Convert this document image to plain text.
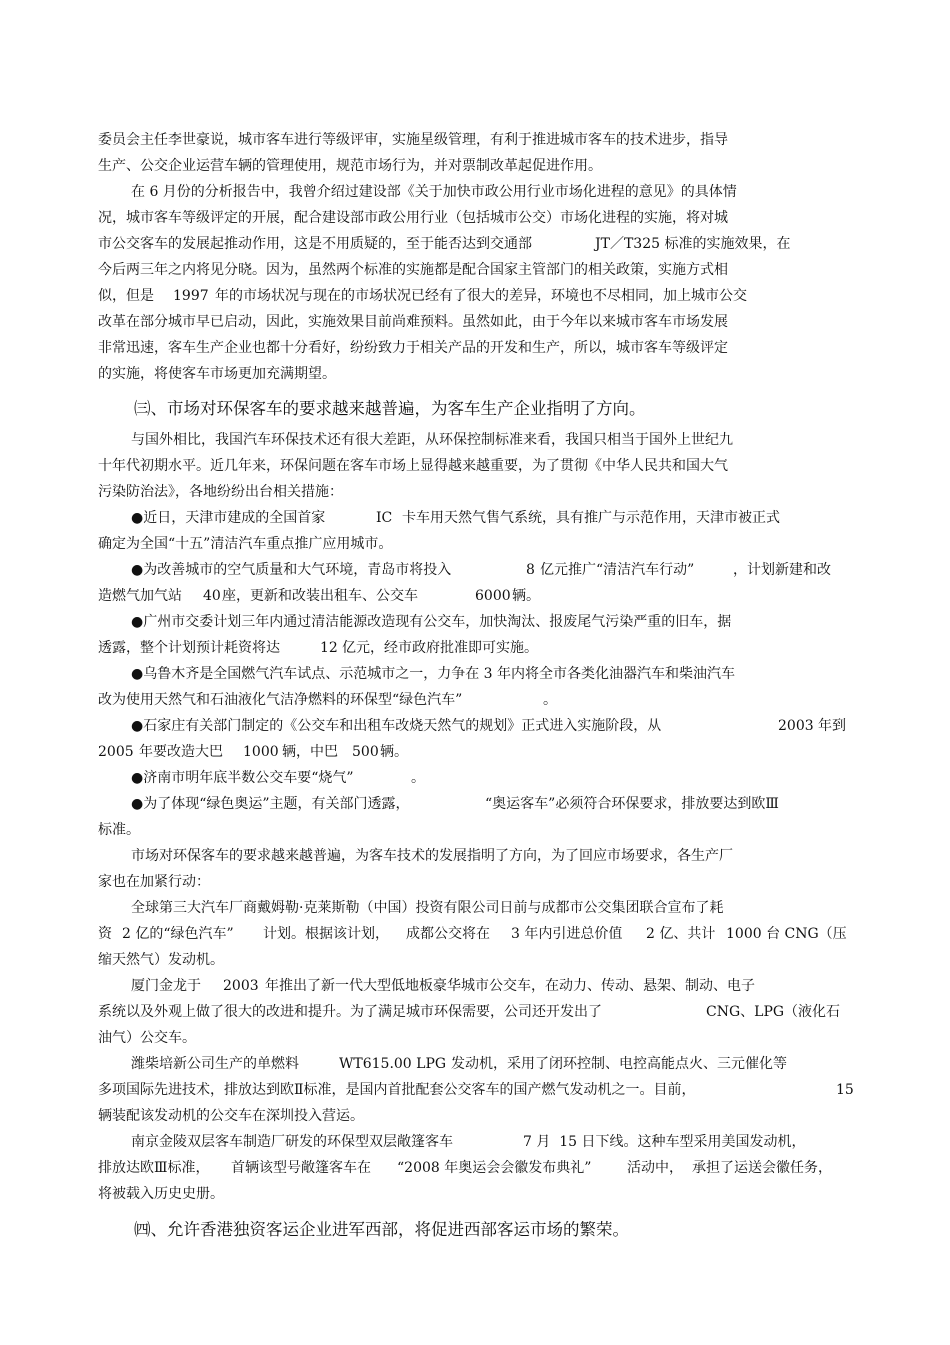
委员会主任李世豪说，城市客车进行等级评审，实施星级管理，有利于推进城市客车的技术进步，指导
生产、公交企业运营车辆的管理使用，规范市场行为，并对票制改革起促进作用。
在 6 月份的分析报告中，我曾介绍过建设部《关于加快市政公用行业市场化进程的意见》的具体情
况，城市客车等级评定的开展，配合建设部市政公用行业（包括城市公交）市场化进程的实施，将对城
市公交客车的发展起推动作用，这是不用质疑的，至于能否达到交通部	JT／T325 标准的实施效果，在
今后两三年之内将见分晓。因为，虽然两个标准的实施都是配合国家主管部门的相关政策，实施方式相
似，但是 1997 年的市场状况与现在的市场状况已经有了很大的差异，环境也不尽相同，加上城市公交
改革在部分城市早已启动，因此，实施效果目前尚难预料。虽然如此，由于今年以来城市客车市场发展
非常迅速，客车生产企业也都十分看好，纷纷致力于相关产品的开发和生产，所以，城市客车等级评定
的实施，将使客车市场更加充满期望。
㈢、市场对环保客车的要求越来越普遍，为客车生产企业指明了方向。
与国外相比，我国汽车环保技术还有很大差距，从环保控制标准来看，我国只相当于国外上世纪九
十年代初期水平。近几年来，环保问题在客车市场上显得越来越重要，为了贯彻《中华人民共和国大气
污染防治法》，各地纷纷出台相关措施：
●近日，天津市建成的全国首家	IC 卡车用天然气售气系统，具有推广与示范作用，天津市被正式
确定为全国“十五”清洁汽车重点推广应用城市。
●为改善城市的空气质量和大气环境，青岛市将投入	8 亿元推广“清洁汽车行动”	，计划新建和改
造燃气加气站 40 座，更新和改装出租车、公交车	6000 辆。
●广州市交委计划三年内通过清洁能源改造现有公交车，加快淘汰、报废尾气污染严重的旧车，据
透露，整个计划预计耗资将达	12 亿元，经市政府批准即可实施。
●乌鲁木齐是全国燃气汽车试点、示范城市之一，力争在 3 年内将全市各类化油器汽车和柴油汽车
改为使用天然气和石油液化气洁净燃料的环保型“绿色汽车”	。
●石家庄有关部门制定的《公交车和出租车改烧天然气的规划》正式进入实施阶段，从	2003 年到
2005 年要改造大巴 1000 辆，中巴 500 辆。
●济南市明年底半数公交车要“烧气”	。
●为了体现“绿色奥运”主题，有关部门透露，	“奥运客车”必须符合环保要求，排放要达到欧Ⅲ
标准。
市场对环保客车的要求越来越普遍，为客车技术的发展指明了方向，为了回应市场要求，各生产厂
家也在加紧行动：
全球第三大汽车厂商戴姆勒·克莱斯勒（中国）投资有限公司日前与成都市公交集团联合宣布了耗
资 2 亿的“绿色汽车” 计划。根据该计划， 成都公交将在 3 年内引进总价值 2 亿、共计 1000 台 CNG（压
缩天然气）发动机。
厦门金龙于 2003 年推出了新一代大型低地板豪华城市公交车，在动力、传动、悬架、制动、电子
系统以及外观上做了很大的改进和提升。为了满足城市环保需要，公司还开发出了	CNG、LPG（液化石
油气）公交车。
潍柴培新公司生产的单燃料	WT615.00 LPG 发动机，采用了闭环控制、电控高能点火、三元催化等
多项国际先进技术，排放达到欧Ⅱ标准，是国内首批配套公交客车的国产燃气发动机之一。目前，	15
辆装配该发动机的公交车在深圳投入营运。
南京金陵双层客车制造厂研发的环保型双层敞篷客车	7 月  15 日下线。这种车型采用美国发动机，
排放达欧Ⅲ标准， 首辆该型号敞篷客车在 “2008 年奥运会会徽发布典礼”	活动中， 承担了运送会徽任务，
将被载入历史史册。
㈣、允许香港独资客运企业进军西部，将促进西部客运市场的繁荣。
